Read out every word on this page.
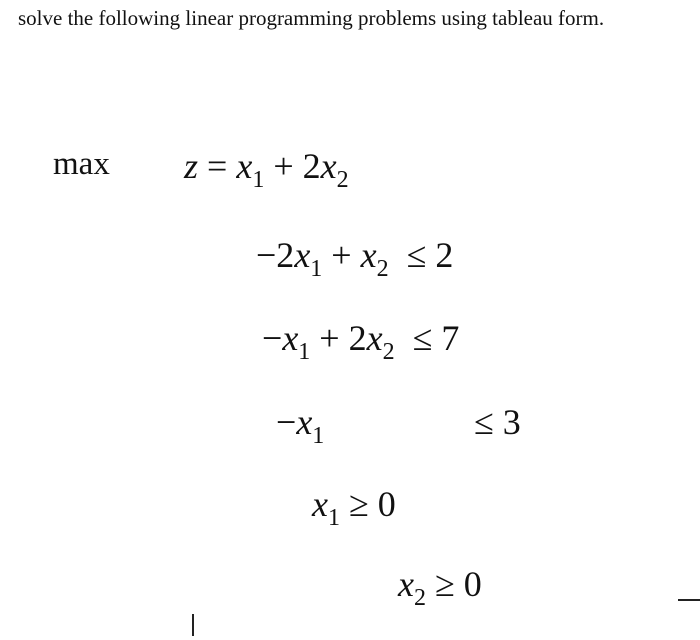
solve the following linear programming problems using tableau form.
$\max z = x_1 + 2x_2$
$-2x_1 + x_2 \le 2$
$-x_1 + 2x_2 \le 7$
$-x_1$	≤ 3
$x_1 \ge 0$
$x_2 \ge 0$
